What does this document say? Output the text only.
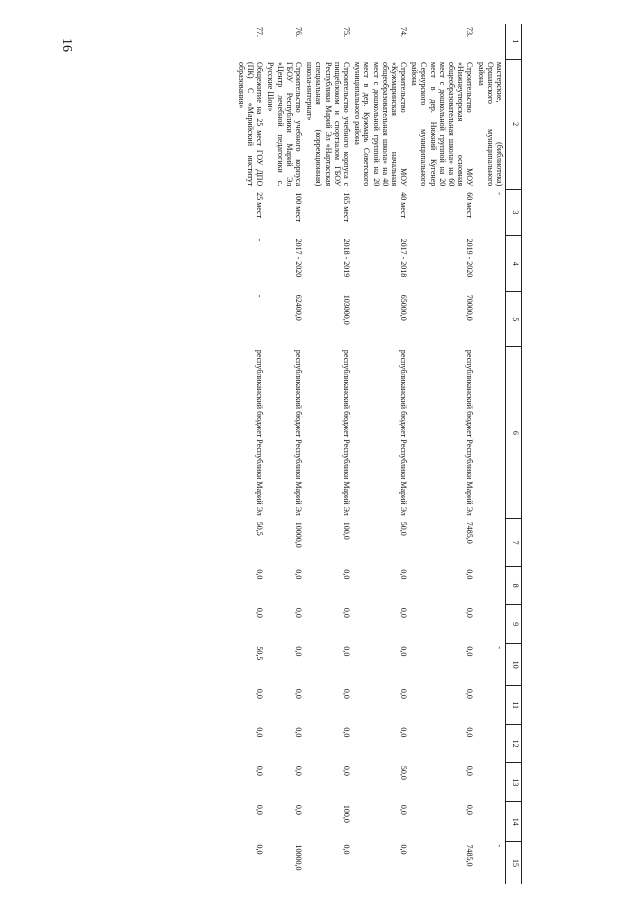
16	1	2	3	4	5	6	7	8	9	10	11	12	13	14	15
	мастерские, (библиотека) Оршанского муниципального района	-							-					-
73.	Строительство МОУ «Нижнеутюрская основная общеобразовательная школа» на 60 мест с дошкольной группой на 20 мест в дер. Нижний Кугенер Сернурского муниципального района	60 мест	2019 - 2020	70000,0	республиканский бюджет Республики Марий Эл	7485,0	0,0	0,0	0,0	0,0	0,0	0,0	0,0	7485,0
74.	Строительство МОУ «Кужмаринская начальная общеобразовательная школа» на 40 мест с дошкольной группой на 20 мест в дер. Кужмарь Советского муниципального района	40 мест	2017 - 2018	65000,0	республиканский бюджет Республики Марий Эл	50,0	0,0	0,0	0,0	0,0	0,0	50,0	0,0	0,0
75.	Строительство учебного корпуса с пищеблоком и спортзалом ГБОУ Республики Марий Эл «Нартасская специальная (коррекционная) школа-интернат»	165 мест	2018 - 2019	103000,0	республиканский бюджет Республики Марий Эл	100,0	0,0	0,0	0,0	0,0	0,0	0,0	100,0	0,0
76.	Строительство учебного корпуса ГБОУ Республики Марий Эл «Центр лечебной педагогики с. Русские Шои»	100 мест	2017 - 2020	62400,0	республиканский бюджет Республики Марий Эл	10000,0	0,0	0,0	0,0	0,0	0,0	0,0	0,0	10000,0
77.	Общежитие на 25 мест ГОУ ДПО (ПК) С «Марийский институт образования»	25 мест	-	-	республиканский бюджет Республики Марий Эл	50,5	0,0	0,0	50,5	0,0	0,0	0,0	0,0	0,0
